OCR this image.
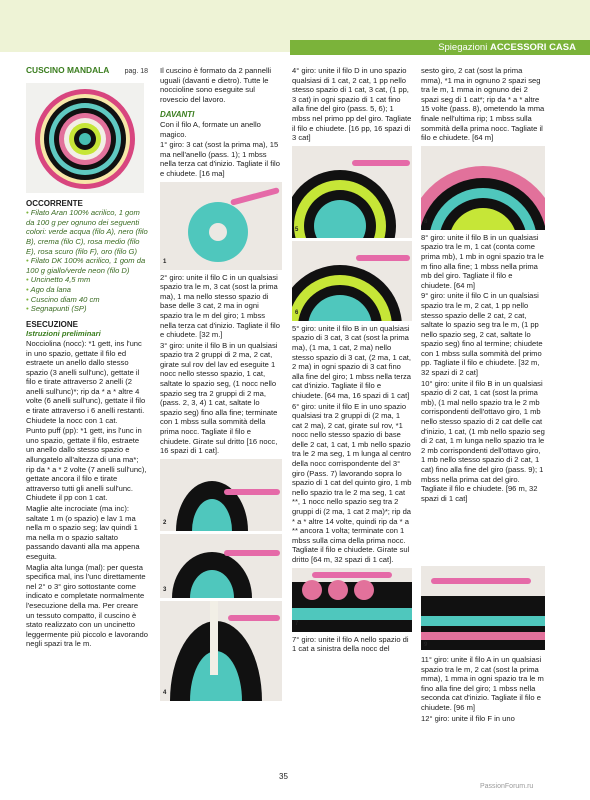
Spiegazioni ACCESSORI CASA
CUSCINO MANDALA pag. 18
OCCORRENTE
• Filato Aran 100% acrilico, 1 gom da 100 g per ognuno dei seguenti colori: verde acqua (filo A), nero (filo B), crema (filo C), rosa medio (filo E), rosa scuro (filo F), oro (filo G)
• Filato DK 100% acrilico, 1 gom da 100 g giallo/verde neon (filo D)
• Uncinetto 4,5 mm
• Ago da lana
• Cuscino diam 40 cm
• Segnapunti (SP)
ESECUZIONE
Istruzioni preliminari

Nocciolina (nocc): *1 gett, ins l'unc in uno spazio, gettate il filo ed estraete un anello dallo stesso spazio (3 anelli sull'unc), gettate il filo e tirate attraverso 2 anelli (2 anelli sull'unc)*; rip da * a * altre 4 volte (6 anelli sull'unc), gettate il filo e tirate attraverso i 6 anelli restanti. Chiudete la nocc con 1 cat.

Punto puff (pp): *1 gett, ins l'unc in uno spazio, gettate il filo, estraete un anello dallo stesso spazio e allungatelo all'altezza di una ma*; rip da * a * 2 volte (7 anelli sull'unc), gettate ancora il filo e tirate attraverso tutti gli anelli sull'unc. Chiudete il pp con 1 cat.

Maglie alte incrociate (ma inc): saltate 1 m (o spazio) e lav 1 ma nella m o spazio seg; lav quindi 1 ma nella m o spazio saltato passando davanti alla ma appena eseguita.

Maglia alta lunga (mal): per questa specifica mal, ins l'unc direttamente nel 2° o 3° giro sottostante come indicato e completate normalmente l'esecuzione della ma. Per creare un tessuto compatto, il cuscino è stato realizzato con un uncinetto leggermente più piccolo e lavorando negli spazi tra le m.

Il cuscino è formato da 2 pannelli uguali (davanti e dietro). Tutte le noccioline sono eseguite sul rovescio del lavoro.

DAVANTI

Con il filo A, formate un anello magico.

1° giro: 3 cat (sost la prima ma), 15 ma nell'anello (pass. 1); 1 mbss nella terza cat d'inizio. Tagliate il filo e chiudete. [16 ma]

1

2° giro: unite il filo C in un qualsiasi spazio tra le m, 3 cat (sost la prima ma), 1 ma nello stesso spazio di base delle 3 cat, 2 ma in ogni spazio tra le m del giro; 1 mbss nella terza cat d'inizio. Tagliate il filo e chiudete. [32 m.]

3° giro: unite il filo B in un qualsiasi spazio tra 2 gruppi di 2 ma, 2 cat, girate sul rov del lav ed eseguite 1 nocc nello stesso spazio, 1 cat, saltate lo spazio seg, (1 nocc nello spazio seg tra 2 gruppi di 2 ma, (pass. 2, 3, 4) 1 cat, saltate lo spazio seg) fino alla fine; terminate con 1 mbss sulla sommità della prima nocc. Tagliate il filo e chiudete. Girate sul dritto [16 nocc, 16 spazi di 1 cat].

2
3
4

4° giro: unite il filo D in uno spazio qualsiasi di 1 cat, 2 cat, 1 pp nello stesso spazio di 1 cat, 3 cat, (1 pp, 3 cat) in ogni spazio di 1 cat fino alla fine del giro (pass. 5, 6); 1 mbss nel primo pp del giro. Tagliate il filo e chiudete. [16 pp, 16 spazi di 3 cat]

5
6

5° giro: unite il filo B in un qualsiasi spazio di 3 cat, 3 cat (sost la prima ma), (1 ma, 1 cat, 2 ma) nello stesso spazio di 3 cat, (2 ma, 1 cat, 2 ma) in ogni spazio di 3 cat fino alla fine del giro; 1 mbss nella terza cat d'inizio. Tagliate il filo e chiudete. [64 ma, 16 spazi di 1 cat]

6° giro: unite il filo E in uno spazio qualsiasi tra 2 gruppi di (2 ma, 1 cat 2 ma), 2 cat, girate sul rov, *1 nocc nello stesso spazio di base delle 2 cat, 1 cat, 1 mb nello spazio tra le 2 ma seg, 1 m lunga al centro della nocc corrispondente del 3° giro (Pass. 7) lavorando sopra lo spazio di 1 cat del quinto giro, 1 mb nello spazio tra le 2 ma seg, 1 cat **, 1 nocc nello spazio seg tra 2 gruppi di (2 ma, 1 cat 2 ma)*; rip da * a * altre 14 volte, quindi rip da * a ** ancora 1 volta; terminate con 1 mbss sulla cima della prima nocc. Tagliate il filo e chiudete. Girate sul dritto [64 m, 32 spazi di 1 cat].

7

7° giro: unite il filo A nello spazio di 1 cat a sinistra della nocc del

sesto giro, 2 cat (sost la prima mma), *1 ma in ognuno 2 spazi seg tra le m, 1 mma in ognuno dei 2 spazi seg di 1 cat*; rip da * a * altre 15 volte (pass. 8), ometendo la mma finale nell'ultima rip; 1 mbss sulla sommità della prima nocc. Tagliate il filo e chiudete. [64 m]

8

8° giro: unite il filo B in un qualsiasi spazio tra le m, 1 cat (conta come prima mb), 1 mb in ogni spazio tra le m fino alla fine; 1 mbss nella prima mb del giro. Tagliate il filo e chiudete. [64 m]

9° giro: unite il filo C in un qualsiasi spazio tra le m, 2 cat, 1 pp nello stesso spazio delle 2 cat, 2 cat, saltate lo spazio seg tra le m, (1 pp nello spazio seg, 2 cat, saltate lo spazio seg) fino al termine; chiudete con 1 mbss sulla sommità del primo pp. Tagliate il filo e chiudete. [32 m, 32 spazi di 2 cat]

10° giro: unite il filo B in un qualsiasi spazio di 2 cat, 1 cat (sost la prima mb), (1 mal nello spazio tra le 2 mb corrispondenti dell'ottavo giro, 1 mb nello stesso spazio di 2 cat delle cat d'inizio, 1 cat, (1 mb nello spazio seg di 2 cat, 1 m lunga nello spazio tra le 2 mb corrispondenti dell'ottavo giro, 1 mb nello stesso spazio di 2 cat, 1 cat) fino alla fine del giro (pass. 9); 1 mbss nella prima cat del giro. Tagliate il filo e chiudete. [96 m, 32 spazi di 1 cat]

11° giro: unite il filo A in un qualsiasi spazio tra le m, 2 cat (sost la prima mma), 1 mma in ogni spazio tra le m fino alla fine del giro; 1 mbss nella seconda cat d'inizio. Tagliate il filo e chiudete. [96 m]

12° giro: unite il filo F in uno

9
35
PassionForum.ru
